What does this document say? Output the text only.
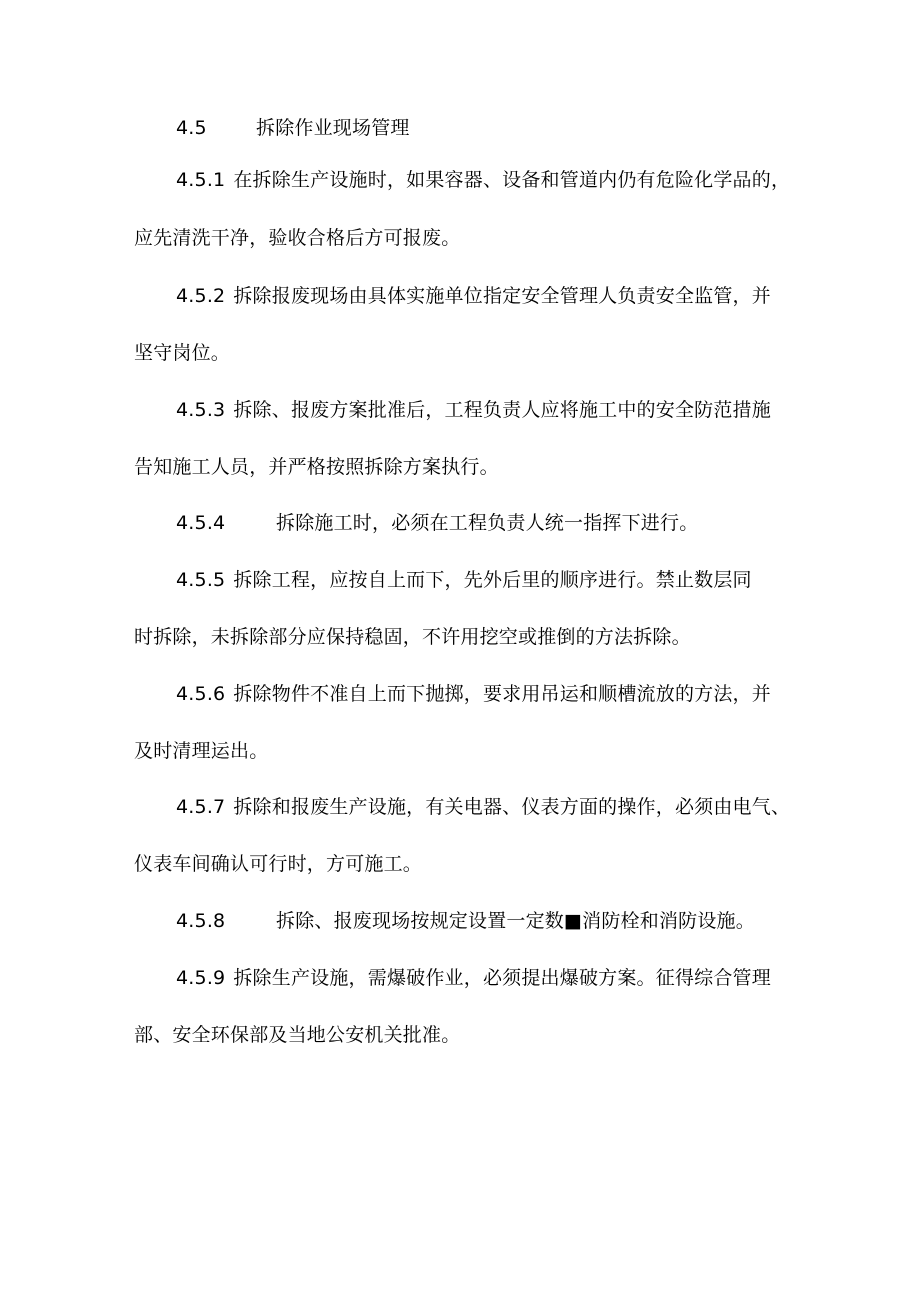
4.5	拆除作业现场管理
4.5.1 在拆除生产设施时，如果容器、设备和管道内仍有危险化学品的，
应先清洗干净，验收合格后方可报废。
4.5.2 拆除报废现场由具体实施单位指定安全管理人负责安全监管，并
坚守岗位。
4.5.3 拆除、报废方案批准后，工程负责人应将施工中的安全防范措施
告知施工人员，并严格按照拆除方案执行。
4.5.4	拆除施工时，必须在工程负责人统一指挥下进行。
4.5.5 拆除工程，应按自上而下，先外后里的顺序进行。禁止数层同
时拆除，未拆除部分应保持稳固，不许用挖空或推倒的方法拆除。
4.5.6 拆除物件不准自上而下抛掷，要求用吊运和顺槽流放的方法，并
及时清理运出。
4.5.7 拆除和报废生产设施，有关电器、仪表方面的操作，必须由电气、
仪表车间确认可行时，方可施工。
4.5.8	拆除、报废现场按规定设置一定数■消防栓和消防设施。
4.5.9 拆除生产设施，需爆破作业，必须提出爆破方案。征得综合管理
部、安全环保部及当地公安机关批准。
